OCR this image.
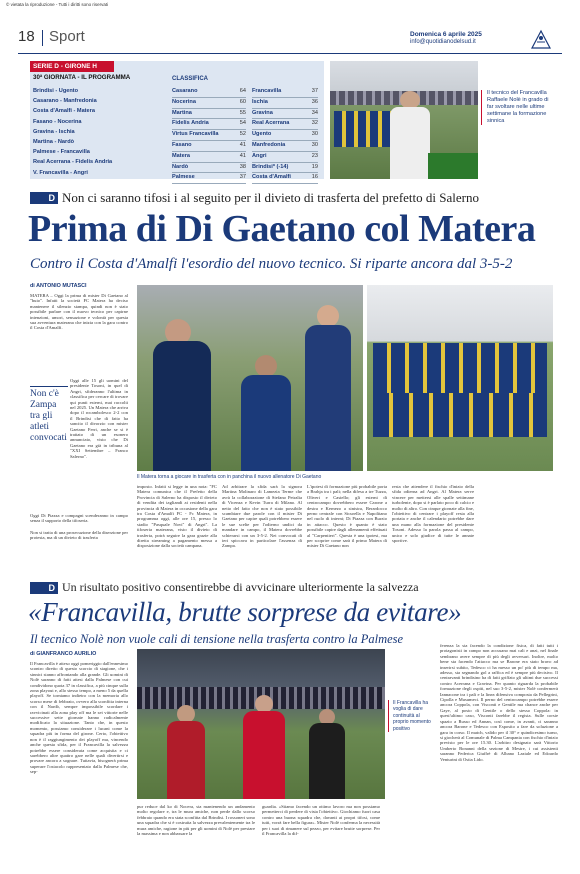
© vietata la riproduzione - Tutti i diritti sono riservati
18 Sport	Domenica 6 aprile 2025
info@quotidianodelsud.it
SERIE D - GIRONE H
30ª GIORNATA - IL PROGRAMMA
Brindisi - Ugento
Casarano - Manfredonia
Costa d'Amalfi - Matera
Fasano - Nocerina
Gravina - Ischia
Martina - Nardò
Palmese - Francavilla
Real Acerrana - Fidelis Andria
V. Francavilla - Angri
CLASSIFICA
Casarano	64
Nocerina	60
Martina	55
Fidelis Andria	54
Virtus Francavilla	52
Fasano	41
Matera	41
Nardò	38
Palmese	37
Francavilla	37
Ischia	36
Gravina	34
Real Acerrana	32
Ugento	30
Manfredonia	30
Angri	23
Brindisi* (-14)	19
Costa d'Amalfi	16
Il tecnico del Francavilla Raffaele Nolè in grado di far svoltare nelle ultime settimane la formazione sinnica
D Non ci saranno tifosi i al seguito per il divieto di trasferta del prefetto di Salerno
Prima di Di Gaetano col Matera
Contro il Costa d'Amalfi l'esordio del nuovo tecnico. Si riparte ancora dal 3-5-2
di ANTONIO MUTASCI
MATERA – Oggi la prima di mister Di Gaetano al "buio". Infatti la società FC Matera ha deciso mantenere il silenzio stampa, quindi non è stato possibile parlare con il nuovo tecnico per capirne intenzioni, umori, sensazione e volontà per questa sua avventura materana che inizia con la gara contro il Costa d'Amalfi.
Oggi alle 15 gli uomini del presidente Tosoni, in quel di Angri, sfideranno l'ultima in classifica per cercare di trovare qui punti esterni, mai raccolti nel 2025. Un Matera che arriva dopo il rocambolesco 2-2 con il Brindisi che di fatto ha sancito il divorzio con mister Gaetano Ferri, anche se si è trattato di un esonero annunciato, visto che Di Gaetano era già in tribuna al "XXI Settembre – Franco Salerno".
Non c'è Zampa tra gli atleti convocati
Oggi Di Piazza e compagni scenderanno in campo senza il supporto della tifoseria.
Non si tratta di una prosecuzione della diserzione per protesta, ma di un divieto di trasferta
Il Matera torna a giocare in trasferta con in panchina il nuovo allenatore Di Gaetano
imposto. Infatti si legge in una nota: "FC Matera comunica che il Prefetto della Provincia di Salerno ha disposto il divieto di vendita dei tagliandi ai residenti nella provincia di Matera in occasione della gara tra Costa d'Amalfi FC - Fc Matera, in programma oggi, alle ore 15, presso lo stadio "Pasquale Novi" di Angri". La tifoseria materana, visto il divieto di trasferta, potrà seguire la gara grazie alla diretta streaming a pagamento messa a disposizione dalla società campana.
Ad arbitrare la sfida sarà la signora Martina Molinaro di Lamezia Terme che avrà la collaborazione di Stefano Petralia di Vicenza e Kevin Turra di Milano. Al netto del fatto che non è stato possibile scambiare due parole con il mister Di Gaetano per capire quali potrebbero essere le sue scelte per l'odierno undici da mandare in campo, il Matera dovrebbe schierarsi con un 3-5-2. Nei convocati di ieri spiccava in particolare l'assenza di Zampa.
L'ipotesi di formazione più probabile porta a Brahja tra i pali; nella difesa a tre Tuzza, Oliveri e Casiello; gli esterni di centrocampo dovrebbero essere Carone a destra e Kernezo a sinistra, Berardocco perno centrale con Sicurella e Napolitano nel ruolo di interni; Di Piazza con Burzio in attacco. Questo è quanto è stato possibile capire dagli allenamenti effettuati al "Carpentieri". Questa è una ipotesi, ma per scoprire come sarà il primo Matera di mister Di Gaetano non
resta che attendere il fischio d'inizio della sfida odierna ad Angri. Al Matera serve vincere per mettersi alle spalle settimane turbolente, dopo si è parlato poco di calcio e molto di altro. Con cinque giornate alla fine, l'obiettivo di centrare i playoff resta alla portata e anche il calendario potrebbe dare una mano alla formazione del presidente Tosoni. Adesso la parola passa al campo, unico e solo giudice di tutte le annate sportive.
D Un risultato positivo consentirebbe di avvicinare ulteriormente la salvezza
«Francavilla, brutte sorprese da evitare»
Il tecnico Nolè non vuole cali di tensione nella trasferta contro la Palmese
di GIANFRANCO AURILIO
Il Francavilla è atteso oggi pomeriggio dall'ennesimo scontro diretto di questo scorcio di stagione, che i sinnici stanno affrontando alla grande. Gli uomini di Nolè saranno di fatti attesi dalla Palmese con cui condividono quota 37 in classifica, a più cinque sulla zona playout e, allo stesso tempo, a meno 5 da quella playoff. Se torniamo indietro con la memoria allo scorso mese di febbraio, ovvero alla sconfitta interna con il Nardò, sempre impossibile scordare i ravvicinati alla zona play off ma le sei vittorie nelle successive sette giornate hanno radicalmente modificato la situazione. Tanto che, in questo momento, possiamo considerare i lucani come la squadra più in forma del girone. Certo, l'obiettivo non è il raggiungimento dei playoff ma, vincendo anche questa sfida, per il Francavilla la salvezza potrebbe essere considerata come acquisita e ci sarebbero altre quattro gare nelle quali divertirsi e provare ancora a sognare. Tuttavia, bisognerà prima superare l'ostacolo rappresentato dalla Palmese che, sep-
Il Francavilla ha voglia di dare continuità al proprio momento positivo
pur reduce dal ko di Nocera, sta mantenendo un andamento molto regolare e, tra le mura amiche, non perde dallo scorso febbraio quando era stata sconfitta dal Brindisi. I rossoneri sono una squadra che si è costruita la salvezza prevalentemente tra le mura amiche, ragione in più per gli uomini di Nolè per prestare la massima e non abbassare la
guardia. «Stiamo facendo un ottimo lavoro ma non possiamo permetterci di perdere di vista l'obiettivo. Giochiamo fuori casa contro una buona squadra che, davanti ai propri tifosi, come tutti, vorrà fare bella figura». Mister Nolè conferma la necessità per i suoi di rimanere sul pezzo, per evitare brutte sorprese. Per il Francavilla la dif-
ferenza la sta facendo la condizione fisica, di fatti tutti i protagonisti in campo non accusano mai cali e anzi, nel finale sembrano avere sempre di più degli avversari. Inoltre, molto bene sta facendo l'attacco ma se Barone era stato bravo ad inserirsi subito, Tedesco ci ha messo un po' più di tempo ma, adesso, sta segnando gol a raffica ed è sempre più decisivo. Il centravanti brindisino ha di fatti griffato gli ultimi due successi contro Acerrana e Gravina. Per quanto riguarda la probabile formazione degli ospiti, nel suo 3-5-2, mister Nolè confermerà Iannacone tra i pali e la linea difensiva composta da Pellegrini, Cipolla e Musumeci. Il perno del centrocampo potrebbe essere ancora Coppola, con Visconti e Gentile ma chance anche per Gaye, al posto di Gentile o dello stesso Coppola: in quest'ultimo caso, Visconti farebbe il regista. Sulle corsie spazio a Russo ed Annan, così come, in avanti, ci saranno ancora Barone e Tedesco con Esposito a fare da soluzione a gara in corso. Il match, valido per il 30° e quindicesimo turno, si giocherà al Comunale di Palma Campania con fischio d'inizio previsto per le ore 15.30. L'arbitro designato sarà Vittorio Umberto Bonanni della sezione di Mestre, i cui assistenti saranno Federica Giuffrè di Albano Laziale ed Edoardo Venturini di Ostia Lido.
